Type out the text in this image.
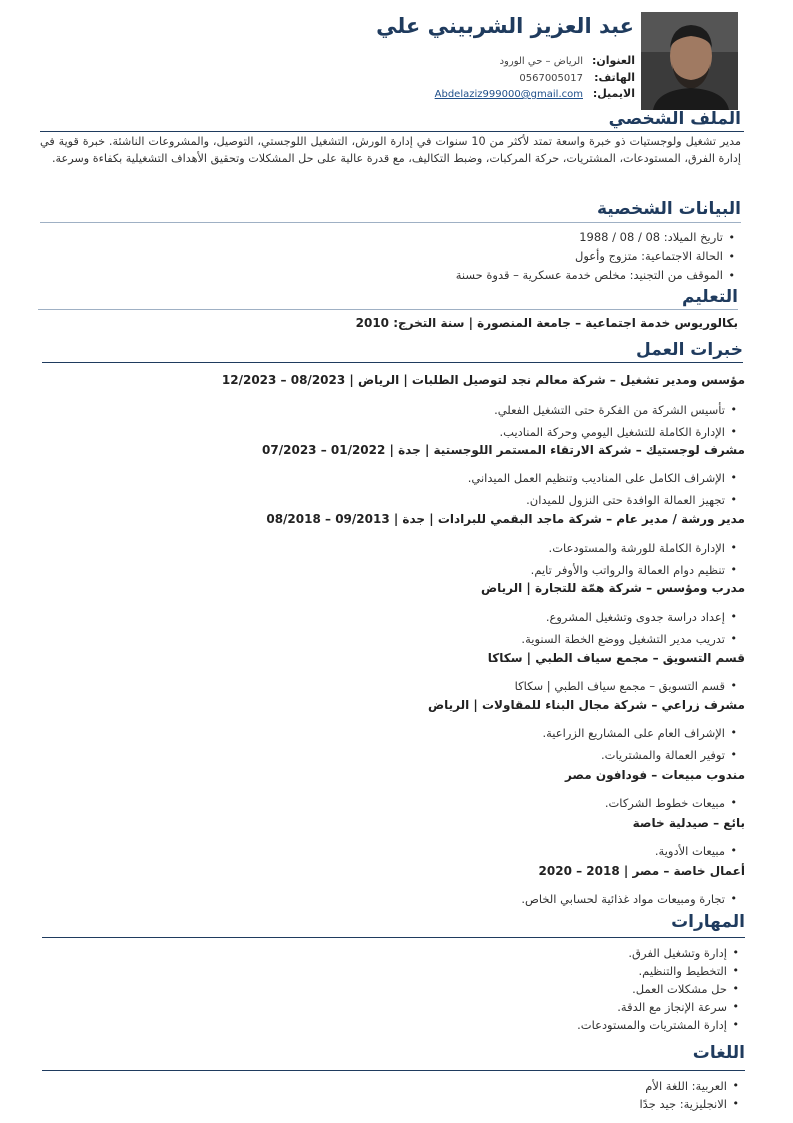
عبد العزيز الشربيني علي
العنوان:
الرياض – حي الورود
الهاتف:
0567005017
الايميل:
Abdelaziz999000@gmail.com
الملف الشخصي

مدير تشغيل ولوجستيات ذو خبرة واسعة تمتد لأكثر من 10 سنوات في إدارة الورش، التشغيل اللوجستي، التوصيل، والمشروعات الناشئة. خبرة قوية في إدارة الفرق، المستودعات، المشتريات، حركة المركبات، وضبط التكاليف، مع قدرة عالية على حل المشكلات وتحقيق الأهداف التشغيلية بكفاءة وسرعة.

البيانات الشخصية
• تاريخ الميلاد: 08 / 08 / 1988
• الحالة الاجتماعية: متزوج وأعول
• الموقف من التجنيد: مخلص خدمة عسكرية – قدوة حسنة
التعليم
بكالوريوس خدمة اجتماعية – جامعة المنصورة | سنة التخرج: 2010
خبرات العمل
مؤسس ومدير تشغيل – شركة معالم نجد لتوصيل الطلبات | الرياض | 08/2023 – 12/2023
• تأسيس الشركة من الفكرة حتى التشغيل الفعلي.
• الإدارة الكاملة للتشغيل اليومي وحركة المناديب.
مشرف لوجستيك – شركة الارتقاء المستمر اللوجستية | جدة | 01/2022 – 07/2023
• الإشراف الكامل على المناديب وتنظيم العمل الميداني.
• تجهيز العمالة الوافدة حتى النزول للميدان.
مدير ورشة / مدير عام – شركة ماجد البقمي للبرادات | جدة | 09/2013 – 08/2018
• الإدارة الكاملة للورشة والمستودعات.
• تنظيم دوام العمالة والرواتب والأوفر تايم.
مدرب ومؤسس – شركة همّة للتجارة | الرياض
• إعداد دراسة جدوى وتشغيل المشروع.
• تدريب مدير التشغيل ووضع الخطة السنوية.
قسم التسويق – مجمع سياف الطبي | سكاكا
• قسم التسويق – مجمع سياف الطبي | سكاكا
مشرف زراعي – شركة مجال البناء للمقاولات | الرياض
• الإشراف العام على المشاريع الزراعية.
• توفير العمالة والمشتريات.
مندوب مبيعات – فودافون مصر
• مبيعات خطوط الشركات.
بائع – صيدلية خاصة
• مبيعات الأدوية.
أعمال خاصة – مصر | 2018 – 2020
• تجارة ومبيعات مواد غذائية لحسابي الخاص.
المهارات
• إدارة وتشغيل الفرق.
• التخطيط والتنظيم.
• حل مشكلات العمل.
• سرعة الإنجاز مع الدقة.
• إدارة المشتريات والمستودعات.
اللغات
• العربية: اللغة الأم
• الانجليزية: جيد جدًا
